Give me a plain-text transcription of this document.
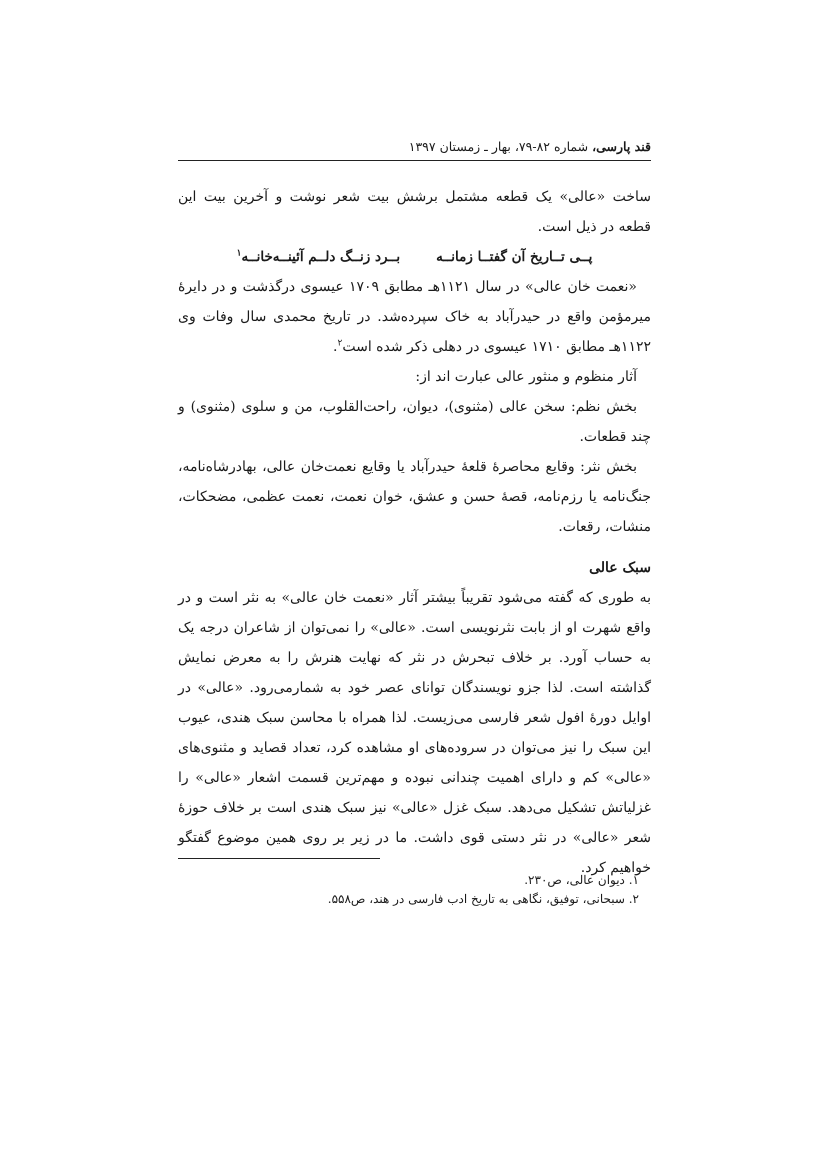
قند پارسی، شماره ۸۲-۷۹، بهار ـ زمستان ۱۳۹۷

ساخت «عالی» یک قطعه مشتمل برشش بیت شعر نوشت و آخرین بیت این قطعه در ذیل است.

پــی تــاریخ آن گفتــا زمانــهبــرد زنــگ دلــم آئینــه‌خانــه$^۱$

«نعمت خان عالی» در سال ۱۱۲۱هـ مطابق ۱۷۰۹ عیسوی درگذشت و در دایرهٔ میرمؤمن واقع در حیدرآباد به خاک سپرده‌شد. در تاریخ محمدی سال وفات وی ۱۱۲۲هـ مطابق ۱۷۱۰ عیسوی در دهلی ذکر شده است$^۲$.

آثار منظوم و منثور عالی عبارت اند از:

بخش نظم: سخن عالی (مثنوی)، دیوان، راحت‌القلوب، من و سلوی (مثنوی) و چند قطعات.

بخش نثر: وقایع محاصرهٔ قلعهٔ حیدرآباد یا وقایع نعمت‌خان عالی، بهادرشاه‌نامه، جنگ‌نامه یا رزم‌نامه، قصهٔ حسن و عشق، خوان نعمت، نعمت عظمی، مضحکات، منشات، رقعات.

سبک عالی

به طوری که گفته می‌شود تقریباً بیشتر آثار «نعمت خان عالی» به نثر است و در واقع شهرت او از بابت نثرنویسی است. «عالی» را نمی‌توان از شاعران درجه یک به حساب آورد. بر خلاف تبحرش در نثر که نهایت هنرش را به معرض نمایش گذاشته است. لذا جزو نویسندگان توانای عصر خود به شمارمی‌رود. «عالی» در اوایل دورهٔ افول شعر فارسی می‌زیست. لذا همراه با محاسن سبک هندی، عیوب این سبک را نیز می‌توان در سروده‌های او مشاهده کرد، تعداد قصاید و مثنوی‌های «عالی» کم و دارای اهمیت چندانی نبوده و مهم‌ترین قسمت اشعار «عالی» را غزلیاتش تشکیل می‌دهد. سبک غزل «عالی» نیز سبک هندی است بر خلاف حوزهٔ شعر «عالی» در نثر دستی قوی داشت. ما در زیر بر روی همین موضوع گفتگو خواهیم کرد.

۱. دیوان عالی، ص۲۳۰.
۲. سبحانی، توفیق، نگاهی به تاریخ ادب فارسی در هند، ص۵۵۸.
